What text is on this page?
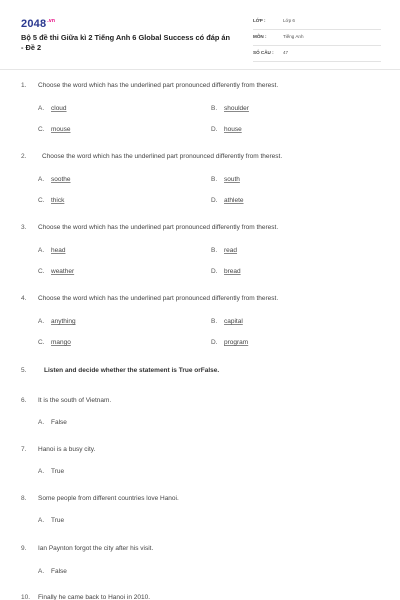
$2048^{.vn}$
Bộ 5 đề thi Giữa kì 2 Tiếng Anh 6 Global Success có đáp án - Đề 2
LỚP :	Lớp 6
MÔN :	Tiếng Anh
SỐ CÂU : 47
1. Choose the word which has the underlined part pronounced differently from therest.
A. cloud	B. shoulder
C. mouse	D. house
2. Choose the word which has the underlined part pronounced differently from therest.
A. soothe	B. south
C. thick	D. athlete
3. Choose the word which has the underlined part pronounced differently from therest.
A. head	B. read
C. weather	D. bread
4. Choose the word which has the underlined part pronounced differently from therest.
A. anything	B. capital
C. mango	D. program
5.	Listen and decide whether the statement is True orFalse.
6. It is the south of Vietnam.
A. False
7. Hanoi is a busy city.
A. True
8. Some people from different countries love Hanoi.
A. True
9. Ian Paynton forgot the city after his visit.
A. False
10. Finally he came back to Hanoi in 2010.
